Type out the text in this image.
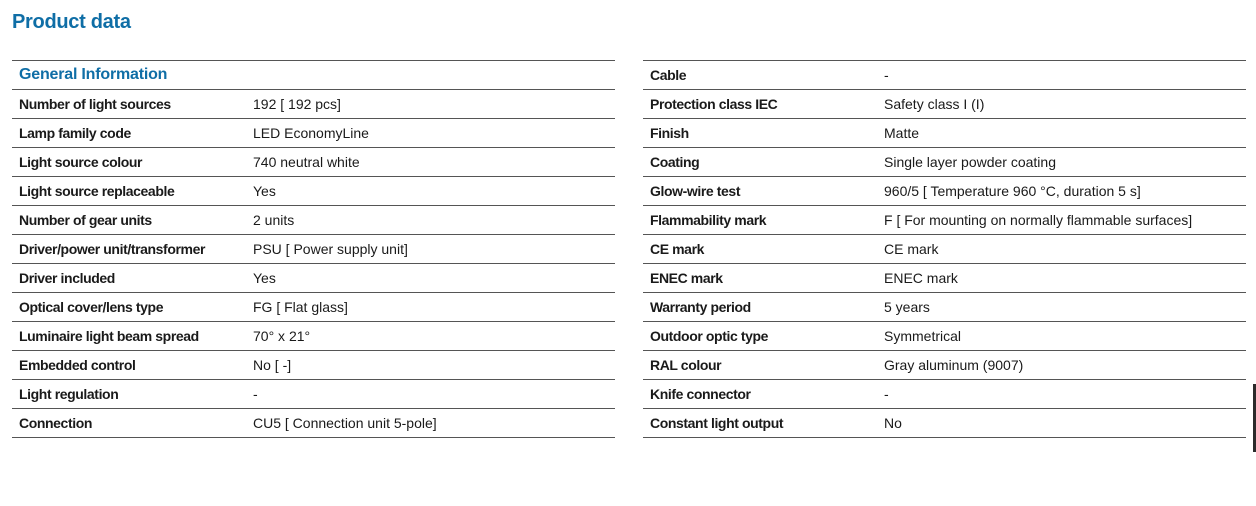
Product data
General Information
Number of light sources	192 [ 192 pcs]
Lamp family code	LED EconomyLine
Light source colour	740 neutral white
Light source replaceable	Yes
Number of gear units	2 units
Driver/power unit/transformer	PSU [ Power supply unit]
Driver included	Yes
Optical cover/lens type	FG [ Flat glass]
Luminaire light beam spread	70° x 21°
Embedded control	No [ -]
Light regulation	-
Connection	CU5 [ Connection unit 5-pole]
Cable	-
Protection class IEC	Safety class I (I)
Finish	Matte
Coating	Single layer powder coating
Glow-wire test	960/5 [ Temperature 960 °C, duration 5 s]
Flammability mark	F [ For mounting on normally flammable surfaces]
CE mark	CE mark
ENEC mark	ENEC mark
Warranty period	5 years
Outdoor optic type	Symmetrical
RAL colour	Gray aluminum (9007)
Knife connector	-
Constant light output	No
